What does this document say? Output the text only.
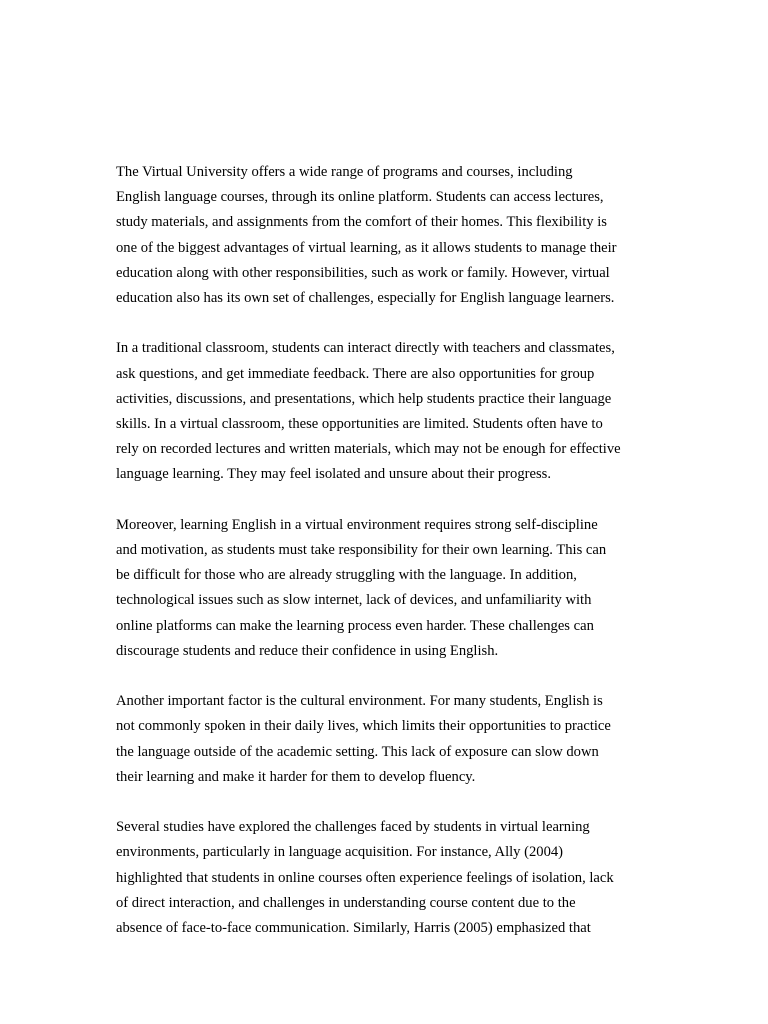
The Virtual University offers a wide range of programs and courses, including
English language courses, through its online platform. Students can access lectures,
study materials, and assignments from the comfort of their homes. This flexibility is
one of the biggest advantages of virtual learning, as it allows students to manage their
education along with other responsibilities, such as work or family. However, virtual
education also has its own set of challenges, especially for English language learners.

In a traditional classroom, students can interact directly with teachers and classmates,
ask questions, and get immediate feedback. There are also opportunities for group
activities, discussions, and presentations, which help students practice their language
skills. In a virtual classroom, these opportunities are limited. Students often have to
rely on recorded lectures and written materials, which may not be enough for effective
language learning. They may feel isolated and unsure about their progress.

Moreover, learning English in a virtual environment requires strong self-discipline
and motivation, as students must take responsibility for their own learning. This can
be difficult for those who are already struggling with the language. In addition,
technological issues such as slow internet, lack of devices, and unfamiliarity with
online platforms can make the learning process even harder. These challenges can
discourage students and reduce their confidence in using English.

Another important factor is the cultural environment. For many students, English is
not commonly spoken in their daily lives, which limits their opportunities to practice
the language outside of the academic setting. This lack of exposure can slow down
their learning and make it harder for them to develop fluency.

Several studies have explored the challenges faced by students in virtual learning
environments, particularly in language acquisition. For instance, Ally (2004)
highlighted that students in online courses often experience feelings of isolation, lack
of direct interaction, and challenges in understanding course content due to the
absence of face-to-face communication. Similarly, Harris (2005) emphasized that
